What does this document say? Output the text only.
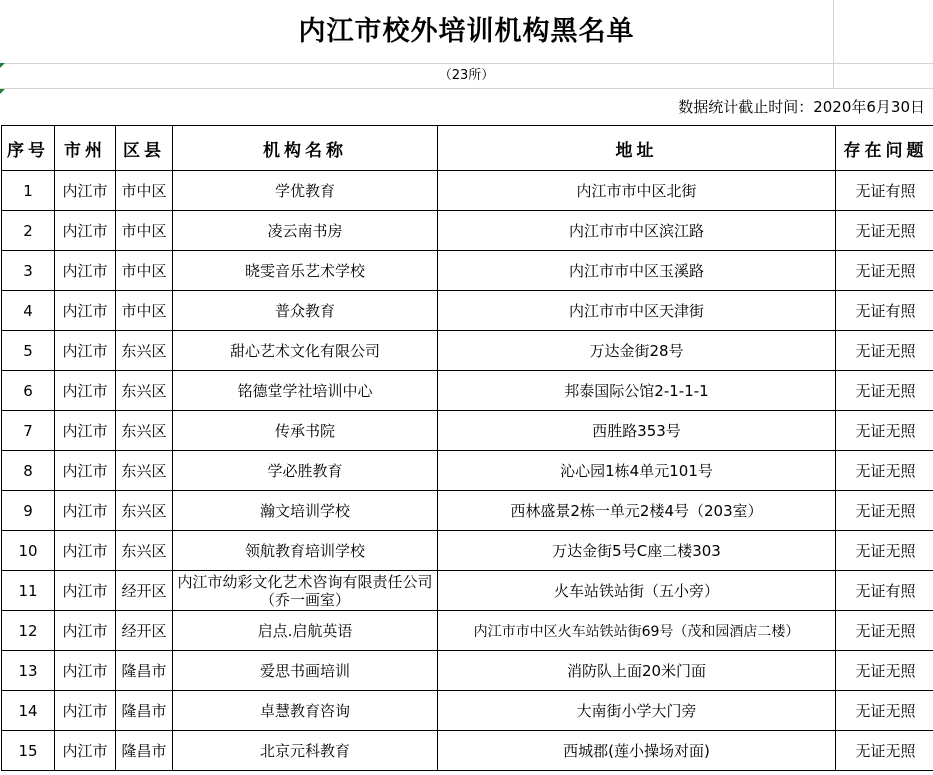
内江市校外培训机构黑名单
（23所）
数据统计截止时间：2020年6月30日
序号	市州	区县	机构名称	地址	存在问题
1	内江市	市中区	学优教育	内江市市中区北街	无证有照
2	内江市	市中区	凌云南书房	内江市市中区滨江路	无证无照
3	内江市	市中区	晓雯音乐艺术学校	内江市市中区玉溪路	无证无照
4	内江市	市中区	普众教育	内江市市中区天津街	无证有照
5	内江市	东兴区	甜心艺术文化有限公司	万达金街28号	无证无照
6	内江市	东兴区	铭德堂学社培训中心	邦泰国际公馆2-1-1-1	无证无照
7	内江市	东兴区	传承书院	西胜路353号	无证无照
8	内江市	东兴区	学必胜教育	沁心园1栋4单元101号	无证无照
9	内江市	东兴区	瀚文培训学校	西林盛景2栋一单元2楼4号（203室）	无证无照
10	内江市	东兴区	领航教育培训学校	万达金街5号C座二楼303	无证无照
11	内江市	经开区	内江市幼彩文化艺术咨询有限责任公司（乔一画室）	火车站铁站街（五小旁）	无证有照
12	内江市	经开区	启点.启航英语	内江市市中区火车站铁站街69号（茂和园酒店二楼）	无证无照
13	内江市	隆昌市	爱思书画培训	消防队上面20米门面	无证无照
14	内江市	隆昌市	卓慧教育咨询	大南街小学大门旁	无证无照
15	内江市	隆昌市	北京元科教育	西城郡(莲小操场对面)	无证无照
